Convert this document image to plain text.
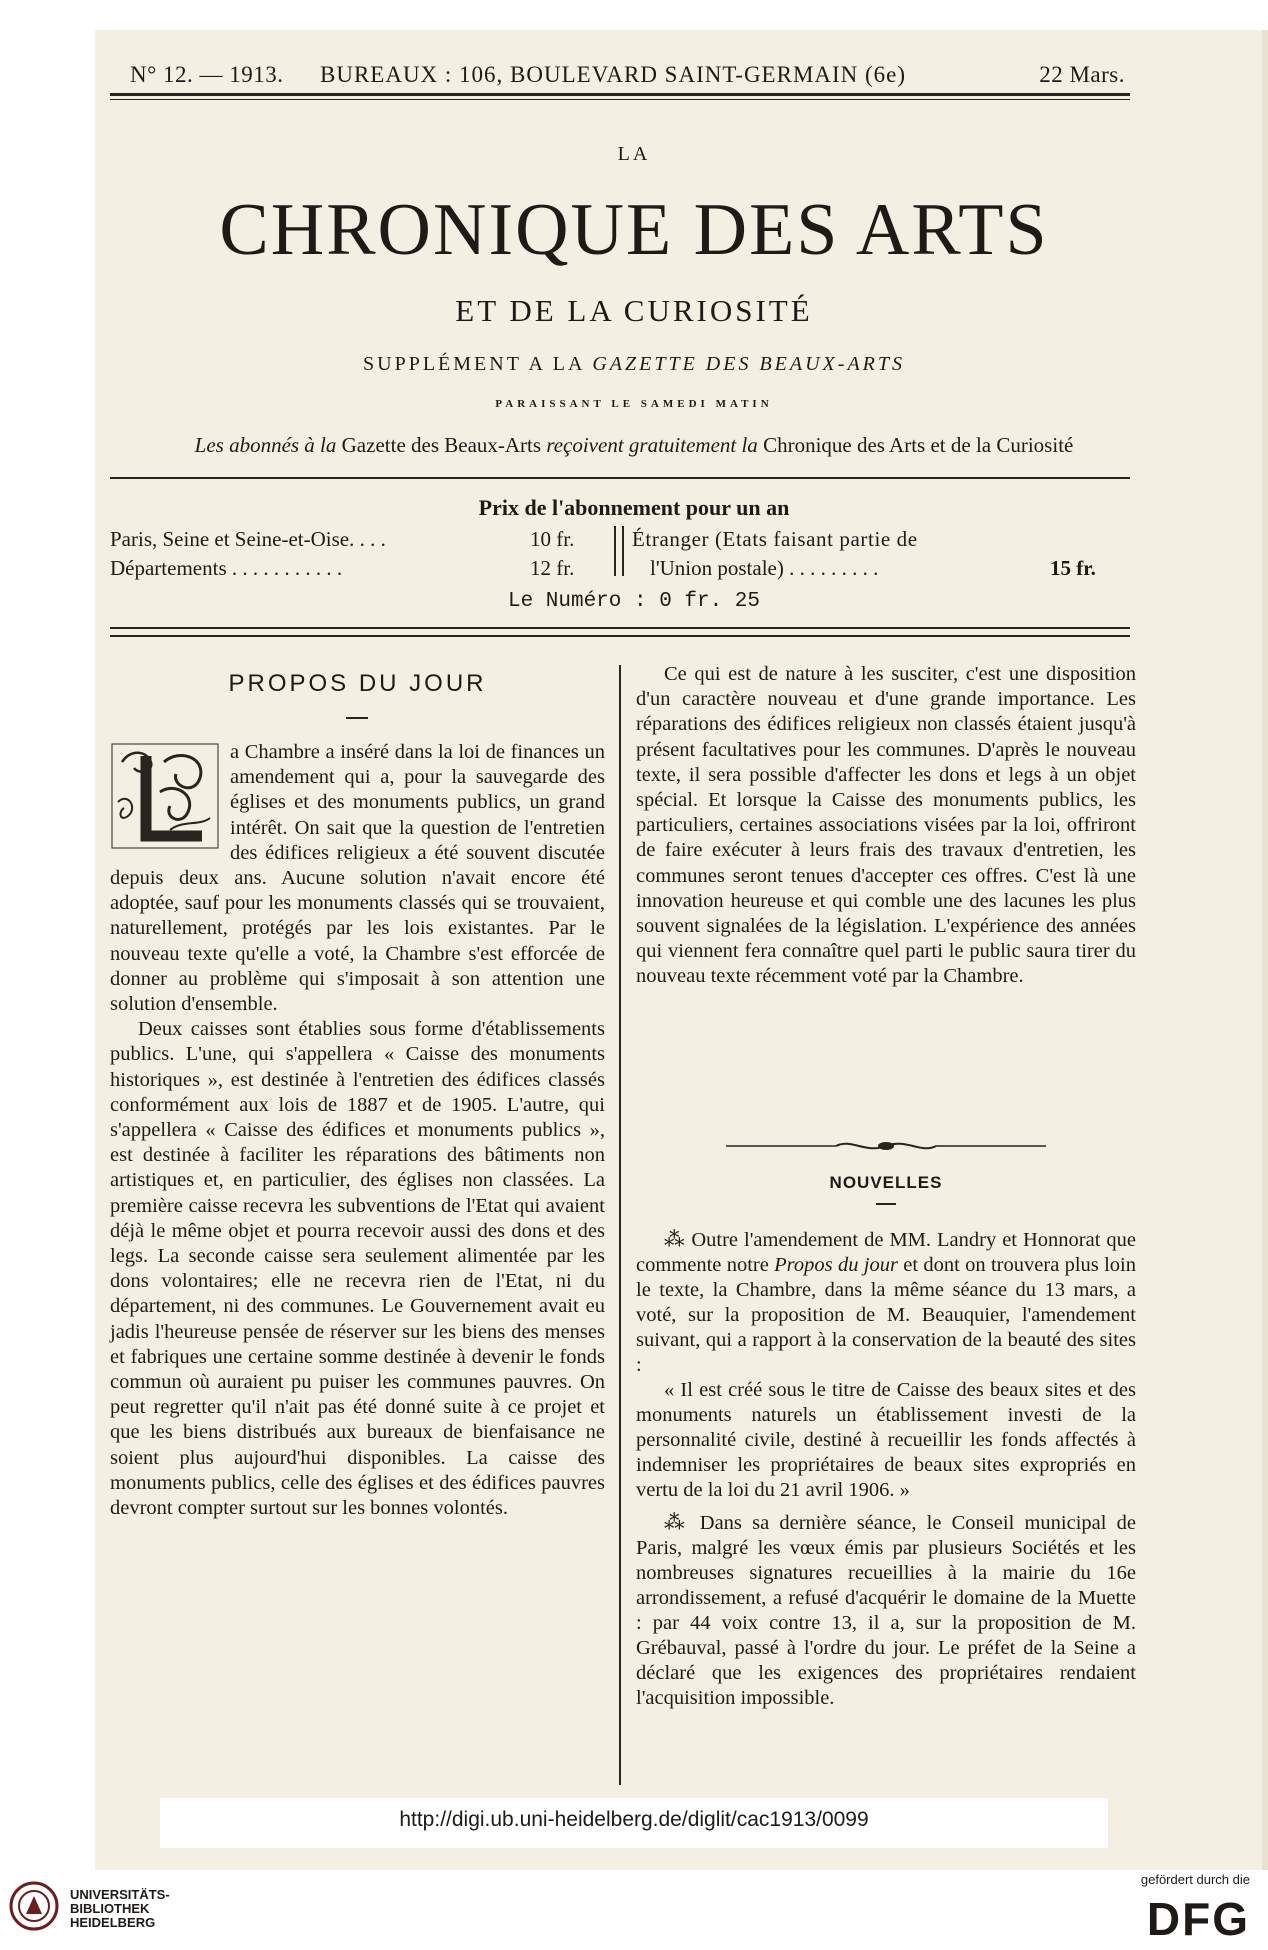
N° 12. — 1913. BUREAUX : 106, BOULEVARD SAINT-GERMAIN (6e)	22 Mars.
LA
CHRONIQUE DES ARTS
ET DE LA CURIOSITÉ
SUPPLÉMENT A LA GAZETTE DES BEAUX-ARTS
PARAISSANT LE SAMEDI MATIN
Les abonnés à la Gazette des Beaux-Arts reçoivent gratuitement la Chronique des Arts et de la Curiosité
Prix de l'abonnement pour un an
Paris, Seine et Seine-et-Oise. . . .	10 fr.
Départements . . . . . . . . . . .	12 fr.
Étranger (Etats faisant partie de
l'Union postale) . . . . . . . . .	15 fr.
Le Numéro : 0 fr. 25
PROPOS DU JOUR

a Chambre a inséré dans la loi de finances un amendement qui a, pour la sauvegarde des églises et des monuments publics, un grand intérêt. On sait que la question de l'entretien des édifices religieux a été souvent discutée depuis deux ans. Aucune solution n'avait encore été adoptée, sauf pour les monuments classés qui se trouvaient, naturellement, protégés par les lois existantes. Par le nouveau texte qu'elle a voté, la Chambre s'est efforcée de donner au problème qui s'imposait à son attention une solution d'ensemble.

Deux caisses sont établies sous forme d'établissements publics. L'une, qui s'appellera « Caisse des monuments historiques », est destinée à l'entretien des édifices classés conformément aux lois de 1887 et de 1905. L'autre, qui s'appellera « Caisse des édifices et monuments publics », est destinée à faciliter les réparations des bâtiments non artistiques et, en particulier, des églises non classées. La première caisse recevra les subventions de l'Etat qui avaient déjà le même objet et pourra recevoir aussi des dons et des legs. La seconde caisse sera seulement alimentée par les dons volontaires; elle ne recevra rien de l'Etat, ni du département, ni des communes. Le Gouvernement avait eu jadis l'heureuse pensée de réserver sur les biens des menses et fabriques une certaine somme destinée à devenir le fonds commun où auraient pu puiser les communes pauvres. On peut regretter qu'il n'ait pas été donné suite à ce projet et que les biens distribués aux bureaux de bienfaisance ne soient plus aujourd'hui disponibles. La caisse des monuments publics, celle des églises et des édifices pauvres devront compter surtout sur les bonnes volontés.

Ce qui est de nature à les susciter, c'est une disposition d'un caractère nouveau et d'une grande importance. Les réparations des édifices religieux non classés étaient jusqu'à présent facultatives pour les communes. D'après le nouveau texte, il sera possible d'affecter les dons et legs à un objet spécial. Et lorsque la Caisse des monuments publics, les particuliers, certaines associations visées par la loi, offriront de faire exécuter à leurs frais des travaux d'entretien, les communes seront tenues d'accepter ces offres. C'est là une innovation heureuse et qui comble une des lacunes les plus souvent signalées de la législation. L'expérience des années qui viennent fera connaître quel parti le public saura tirer du nouveau texte récemment voté par la Chambre.

NOUVELLES

⁂ Outre l'amendement de MM. Landry et Honnorat que commente notre Propos du jour et dont on trouvera plus loin le texte, la Chambre, dans la même séance du 13 mars, a voté, sur la proposition de M. Beauquier, l'amendement suivant, qui a rapport à la conservation de la beauté des sites :

« Il est créé sous le titre de Caisse des beaux sites et des monuments naturels un établissement investi de la personnalité civile, destiné à recueillir les fonds affectés à indemniser les propriétaires de beaux sites expropriés en vertu de la loi du 21 avril 1906. »

⁂ Dans sa dernière séance, le Conseil municipal de Paris, malgré les vœux émis par plusieurs Sociétés et les nombreuses signatures recueillies à la mairie du 16e arrondissement, a refusé d'acquérir le domaine de la Muette : par 44 voix contre 13, il a, sur la proposition de M. Grébauval, passé à l'ordre du jour. Le préfet de la Seine a déclaré que les exigences des propriétaires rendaient l'acquisition impossible.

http://digi.ub.uni-heidelberg.de/diglit/cac1913/0099
UNIVERSITÄTS-
BIBLIOTHEK
HEIDELBERG
gefördert durch die
DFG
